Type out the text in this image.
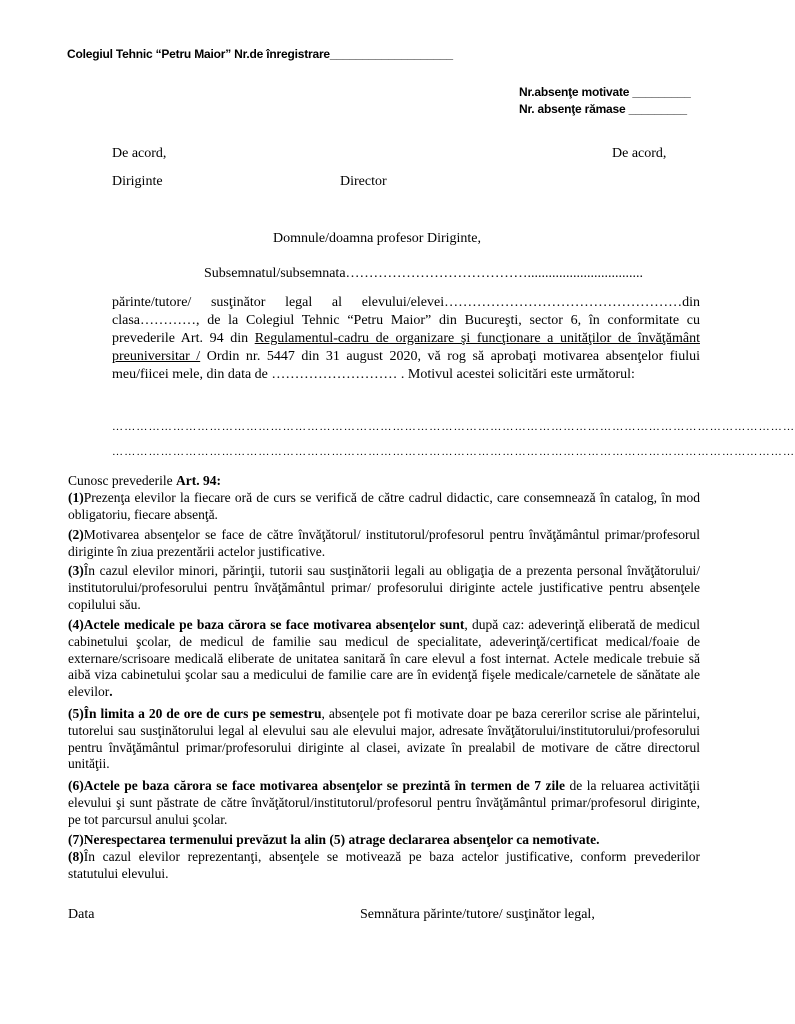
Colegiul Tehnic “Petru Maior” Nr.de înregistrare___________________
Nr.absenţe motivate _________
Nr. absenţe rămase _________
De acord,	De acord,
Diriginte	Director
Domnule/doamna profesor Diriginte,
Subsemnatul/subsemnata………………………………….................................
părinte/tutore/ susţinător legal al elevului/elevei……………………………………………din clasa…………, de la Colegiul Tehnic “Petru Maior” din Bucureşti, sector 6, în conformitate cu prevederile Art. 94 din Regulamentul-cadru de organizare şi funcţionare a unităţilor de învăţământ preuniversitar / Ordin nr. 5447 din 31 august 2020, vă rog să aprobaţi motivarea absenţelor fiului meu/fiicei mele, din data de ……………………… . Motivul acestei solicitări este următorul:
……………………………………………………………………………………………………………………………………………………
……………………………………………………………………………………………………………………………………………………
Cunosc prevederile Art. 94:
(1)Prezenţa elevilor la fiecare oră de curs se verifică de către cadrul didactic, care consemnează în catalog, în mod obligatoriu, fiecare absenţă.
(2)Motivarea absenţelor se face de către învăţătorul/ institutorul/profesorul pentru învăţământul primar/profesorul diriginte în ziua prezentării actelor justificative.
(3)În cazul elevilor minori, părinţii, tutorii sau susţinătorii legali au obligaţia de a prezenta personal învăţătorului/ institutorului/profesorului pentru învăţământul primar/ profesorului diriginte actele justificative pentru absenţele copilului său.
(4)Actele medicale pe baza cărora se face motivarea absenţelor sunt, după caz: adeverinţă eliberată de medicul cabinetului şcolar, de medicul de familie sau medicul de specialitate, adeverinţă/certificat medical/foaie de externare/scrisoare medicală eliberate de unitatea sanitară în care elevul a fost internat. Actele medicale trebuie să aibă viza cabinetului şcolar sau a medicului de familie care are în evidenţă fişele medicale/carnetele de sănătate ale elevilor.
(5)În limita a 20 de ore de curs pe semestru, absenţele pot fi motivate doar pe baza cererilor scrise ale părintelui, tutorelui sau susţinătorului legal al elevului sau ale elevului major, adresate învăţătorului/institutorului/profesorului pentru învăţământul primar/profesorului diriginte al clasei, avizate în prealabil de motivare de către directorul unităţii.
(6)Actele pe baza cărora se face motivarea absenţelor se prezintă în termen de 7 zile de la reluarea activităţii elevului şi sunt păstrate de către învăţătorul/institutorul/profesorul pentru învăţământul primar/profesorul diriginte, pe tot parcursul anului şcolar.
(7)Nerespectarea termenului prevăzut la alin (5) atrage declararea absenţelor ca nemotivate.
(8)În cazul elevilor reprezentanţi, absenţele se motivează pe baza actelor justificative, conform prevederilor statutului elevului.
Data	Semnătura părinte/tutore/ susţinător legal,
